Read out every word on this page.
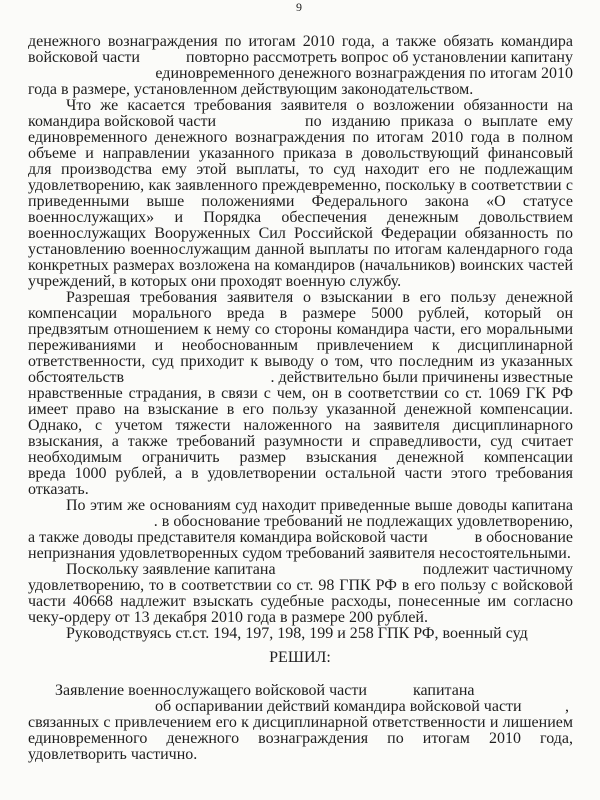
9
денежного вознаграждения по итогам 2010 года, а также обязать командира
войсковой части	повторно рассмотреть вопрос об установлении капитану
единовременного денежного вознаграждения по итогам 2010
года в размере, установленном действующим законодательством.
Что же касается требования заявителя о возложении обязанности на
командира войсковой части	по изданию приказа о выплате ему
единовременного денежного вознаграждения по итогам 2010 года в полном
объеме и направлении указанного приказа в довольствующий финансовый
для производства ему этой выплаты, то суд находит его не подлежащим
удовлетворению, как заявленного преждевременно, поскольку в соответствии с
приведенными выше положениями Федерального закона «О статусе
военнослужащих» и Порядка обеспечения денежным довольствием
военнослужащих Вооруженных Сил Российской Федерации обязанность по
установлению военнослужащим данной выплаты по итогам календарного года
конкретных размерах возложена на командиров (начальников) воинских частей
учреждений, в которых они проходят военную службу.
Разрешая требования заявителя о взыскании в его пользу денежной
компенсации морального вреда в размере 5000 рублей, который он
предвзятым отношением к нему со стороны командира части, его моральными
переживаниями и необоснованным привлечением к дисциплинарной
ответственности, суд приходит к выводу о том, что последним из указанных
обстоятельств	. действительно были причинены известные
нравственные страдания, в связи с чем, он в соответствии со ст. 1069 ГК РФ
имеет право на взыскание в его пользу указанной денежной компенсации.
Однако, с учетом тяжести наложенного на заявителя дисциплинарного
взыскания, а также требований разумности и справедливости, суд считает
необходимым ограничить размер взыскания денежной компенсации
вреда 1000 рублей, а в удовлетворении остальной части этого требования
отказать.
По этим же основаниям суд находит приведенные выше доводы капитана
. в обоснование требований не подлежащих удовлетворению,
а также доводы представителя командира войсковой части	в обоснование
непризнания удовлетворенных судом требований заявителя несостоятельными.
Поскольку заявление капитана	подлежит частичному
удовлетворению, то в соответствии со ст. 98 ГПК РФ в его пользу с войсковой
части 40668 надлежит взыскать судебные расходы, понесенные им согласно
чеку-ордеру от 13 декабря 2010 года в размере 200 рублей.
Руководствуясь ст.ст. 194, 197, 198, 199 и 258 ГПК РФ, военный суд
РЕШИЛ:
Заявление военнослужащего войсковой части	капитана
об оспаривании действий командира войсковой части	,
связанных с привлечением его к дисциплинарной ответственности и лишением
единовременного денежного вознаграждения по итогам 2010 года,
удовлетворить частично.
